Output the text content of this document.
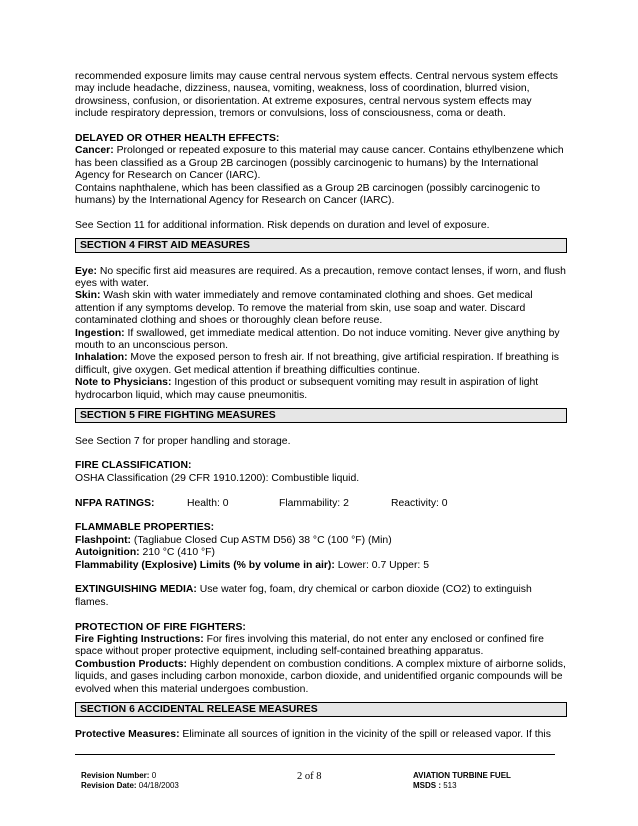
recommended exposure limits may cause central nervous system effects. Central nervous system effects may include headache, dizziness, nausea, vomiting, weakness, loss of coordination, blurred vision, drowsiness, confusion, or disorientation. At extreme exposures, central nervous system effects may include respiratory depression, tremors or convulsions, loss of consciousness, coma or death.

DELAYED OR OTHER HEALTH EFFECTS:

Cancer: Prolonged or repeated exposure to this material may cause cancer. Contains ethylbenzene which has been classified as a Group 2B carcinogen (possibly carcinogenic to humans) by the International Agency for Research on Cancer (IARC).

Contains naphthalene, which has been classified as a Group 2B carcinogen (possibly carcinogenic to humans) by the International Agency for Research on Cancer (IARC).

See Section 11 for additional information. Risk depends on duration and level of exposure.

SECTION 4 FIRST AID MEASURES

Eye: No specific first aid measures are required. As a precaution, remove contact lenses, if worn, and flush eyes with water.

Skin: Wash skin with water immediately and remove contaminated clothing and shoes. Get medical attention if any symptoms develop. To remove the material from skin, use soap and water. Discard contaminated clothing and shoes or thoroughly clean before reuse.

Ingestion: If swallowed, get immediate medical attention. Do not induce vomiting. Never give anything by mouth to an unconscious person.

Inhalation: Move the exposed person to fresh air. If not breathing, give artificial respiration. If breathing is difficult, give oxygen. Get medical attention if breathing difficulties continue.

Note to Physicians: Ingestion of this product or subsequent vomiting may result in aspiration of light hydrocarbon liquid, which may cause pneumonitis.

SECTION 5 FIRE FIGHTING MEASURES

See Section 7 for proper handling and storage.

FIRE CLASSIFICATION:

OSHA Classification (29 CFR 1910.1200): Combustible liquid.

NFPA RATINGS:	Health: 0	Flammability: 2	Reactivity: 0

FLAMMABLE PROPERTIES:

Flashpoint: (Tagliabue Closed Cup ASTM D56) 38 °C (100 °F) (Min)

Autoignition: 210 °C (410 °F)

Flammability (Explosive) Limits (% by volume in air): Lower: 0.7 Upper: 5

EXTINGUISHING MEDIA: Use water fog, foam, dry chemical or carbon dioxide (CO2) to extinguish flames.

PROTECTION OF FIRE FIGHTERS:

Fire Fighting Instructions: For fires involving this material, do not enter any enclosed or confined fire space without proper protective equipment, including self-contained breathing apparatus.

Combustion Products: Highly dependent on combustion conditions. A complex mixture of airborne solids, liquids, and gases including carbon monoxide, carbon dioxide, and unidentified organic compounds will be evolved when this material undergoes combustion.

SECTION 6 ACCIDENTAL RELEASE MEASURES

Protective Measures: Eliminate all sources of ignition in the vicinity of the spill or released vapor. If this

Revision Number: 0
Revision Date: 04/18/2003
2 of 8	AVIATION TURBINE FUEL
MSDS : 513
